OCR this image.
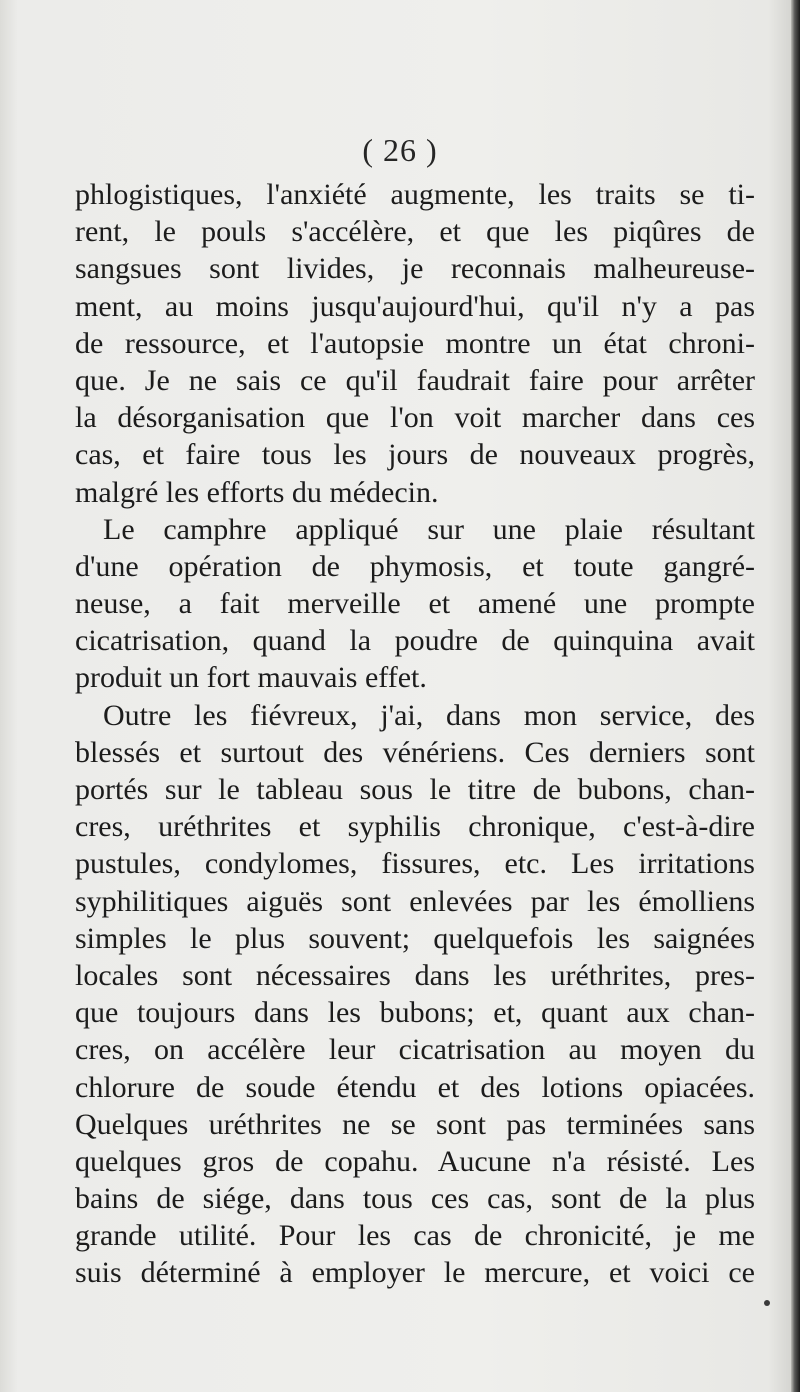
( 26 )
phlogistiques, l'anxiété augmente, les traits se ti-
rent, le pouls s'accélère, et que les piqûres de
sangsues sont livides, je reconnais malheureuse-
ment, au moins jusqu'aujourd'hui, qu'il n'y a pas
de ressource, et l'autopsie montre un état chroni-
que. Je ne sais ce qu'il faudrait faire pour arrêter
la désorganisation que l'on voit marcher dans ces
cas, et faire tous les jours de nouveaux progrès,
malgré les efforts du médecin.
Le camphre appliqué sur une plaie résultant
d'une opération de phymosis, et toute gangré-
neuse, a fait merveille et amené une prompte
cicatrisation, quand la poudre de quinquina avait
produit un fort mauvais effet.
Outre les fiévreux, j'ai, dans mon service, des
blessés et surtout des vénériens. Ces derniers sont
portés sur le tableau sous le titre de bubons, chan-
cres, uréthrites et syphilis chronique, c'est-à-dire
pustules, condylomes, fissures, etc. Les irritations
syphilitiques aiguës sont enlevées par les émolliens
simples le plus souvent; quelquefois les saignées
locales sont nécessaires dans les uréthrites, pres-
que toujours dans les bubons; et, quant aux chan-
cres, on accélère leur cicatrisation au moyen du
chlorure de soude étendu et des lotions opiacées.
Quelques uréthrites ne se sont pas terminées sans
quelques gros de copahu. Aucune n'a résisté. Les
bains de siége, dans tous ces cas, sont de la plus
grande utilité. Pour les cas de chronicité, je me
suis déterminé à employer le mercure, et voici ce
